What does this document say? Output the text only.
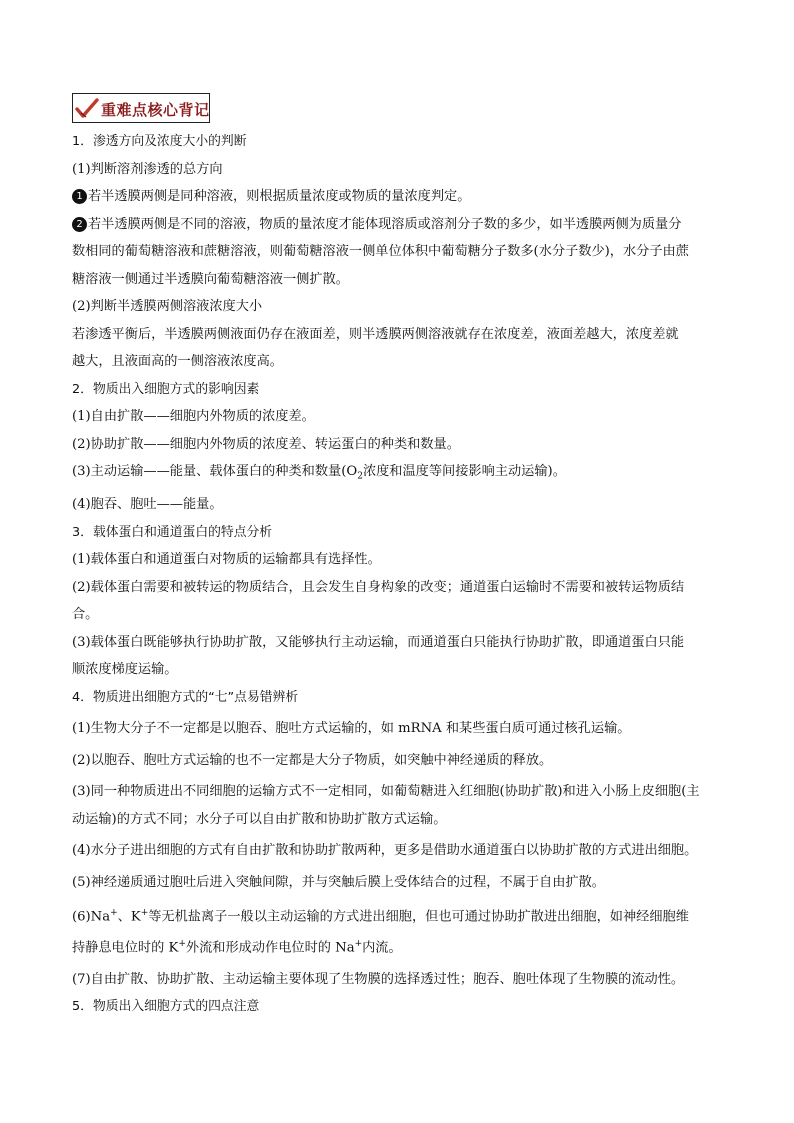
重难点核心背记
1．渗透方向及浓度大小的判断
(1)判断溶剂渗透的总方向
1 若半透膜两侧是同种溶液，则根据质量浓度或物质的量浓度判定。
2 若半透膜两侧是不同的溶液，物质的量浓度才能体现溶质或溶剂分子数的多少，如半透膜两侧为质量分
数相同的葡萄糖溶液和蔗糖溶液，则葡萄糖溶液一侧单位体积中葡萄糖分子数多(水分子数少)，水分子由蔗
糖溶液一侧通过半透膜向葡萄糖溶液一侧扩散。
(2)判断半透膜两侧溶液浓度大小
若渗透平衡后，半透膜两侧液面仍存在液面差，则半透膜两侧溶液就存在浓度差，液面差越大，浓度差就
越大，且液面高的一侧溶液浓度高。
2．物质出入细胞方式的影响因素
(1)自由扩散——细胞内外物质的浓度差。
(2)协助扩散——细胞内外物质的浓度差、转运蛋白的种类和数量。
(3)主动运输——能量、载体蛋白的种类和数量($O_2$浓度和温度等间接影响主动运输)。
(4)胞吞、胞吐——能量。
3．载体蛋白和通道蛋白的特点分析
(1)载体蛋白和通道蛋白对物质的运输都具有选择性。
(2)载体蛋白需要和被转运的物质结合，且会发生自身构象的改变；通道蛋白运输时不需要和被转运物质结
合。
(3)载体蛋白既能够执行协助扩散，又能够执行主动运输，而通道蛋白只能执行协助扩散，即通道蛋白只能
顺浓度梯度运输。
4．物质进出细胞方式的“七”点易错辨析
(1)生物大分子不一定都是以胞吞、胞吐方式运输的，如 mRNA 和某些蛋白质可通过核孔运输。
(2)以胞吞、胞吐方式运输的也不一定都是大分子物质，如突触中神经递质的释放。
(3)同一种物质进出不同细胞的运输方式不一定相同，如葡萄糖进入红细胞(协助扩散)和进入小肠上皮细胞(主
动运输)的方式不同；水分子可以自由扩散和协助扩散方式运输。
(4)水分子进出细胞的方式有自由扩散和协助扩散两种，更多是借助水通道蛋白以协助扩散的方式进出细胞。
(5)神经递质通过胞吐后进入突触间隙，并与突触后膜上受体结合的过程，不属于自由扩散。
(6)Na+、K+等无机盐离子一般以主动运输的方式进出细胞，但也可通过协助扩散进出细胞，如神经细胞维
持静息电位时的 K+外流和形成动作电位时的 Na+内流。
(7)自由扩散、协助扩散、主动运输主要体现了生物膜的选择透过性；胞吞、胞吐体现了生物膜的流动性。
5．物质出入细胞方式的四点注意
